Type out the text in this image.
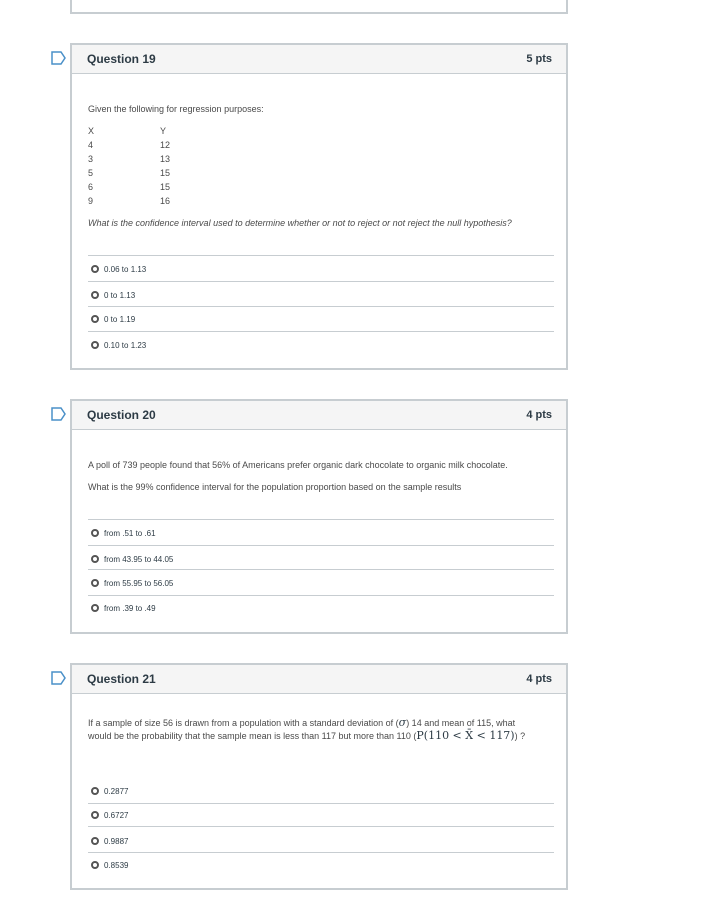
Question 19	5 pts
Given the following for regression purposes:
X	Y
4	12
3	13
5	15
6	15
9	16
What is the confidence interval used to determine whether or not to reject or not reject the null hypothesis?
0.06 to 1.13
0 to 1.13
0 to 1.19
0.10 to 1.23
Question 20	4 pts
A poll of 739 people found that 56% of Americans prefer organic dark chocolate to organic milk chocolate.
What is the 99% confidence interval for the population proportion based on the sample results
from .51 to .61
from 43.95 to 44.05
from 55.95 to 56.05
from .39 to .49
Question 21	4 pts
If a sample of size 56 is drawn from a population with a standard deviation of (σ) 14 and mean of 115, what
would be the probability that the sample mean is less than 117 but more than 110 (P(110 < X̄ < 117)) ?
0.2877
0.6727
0.9887
0.8539
